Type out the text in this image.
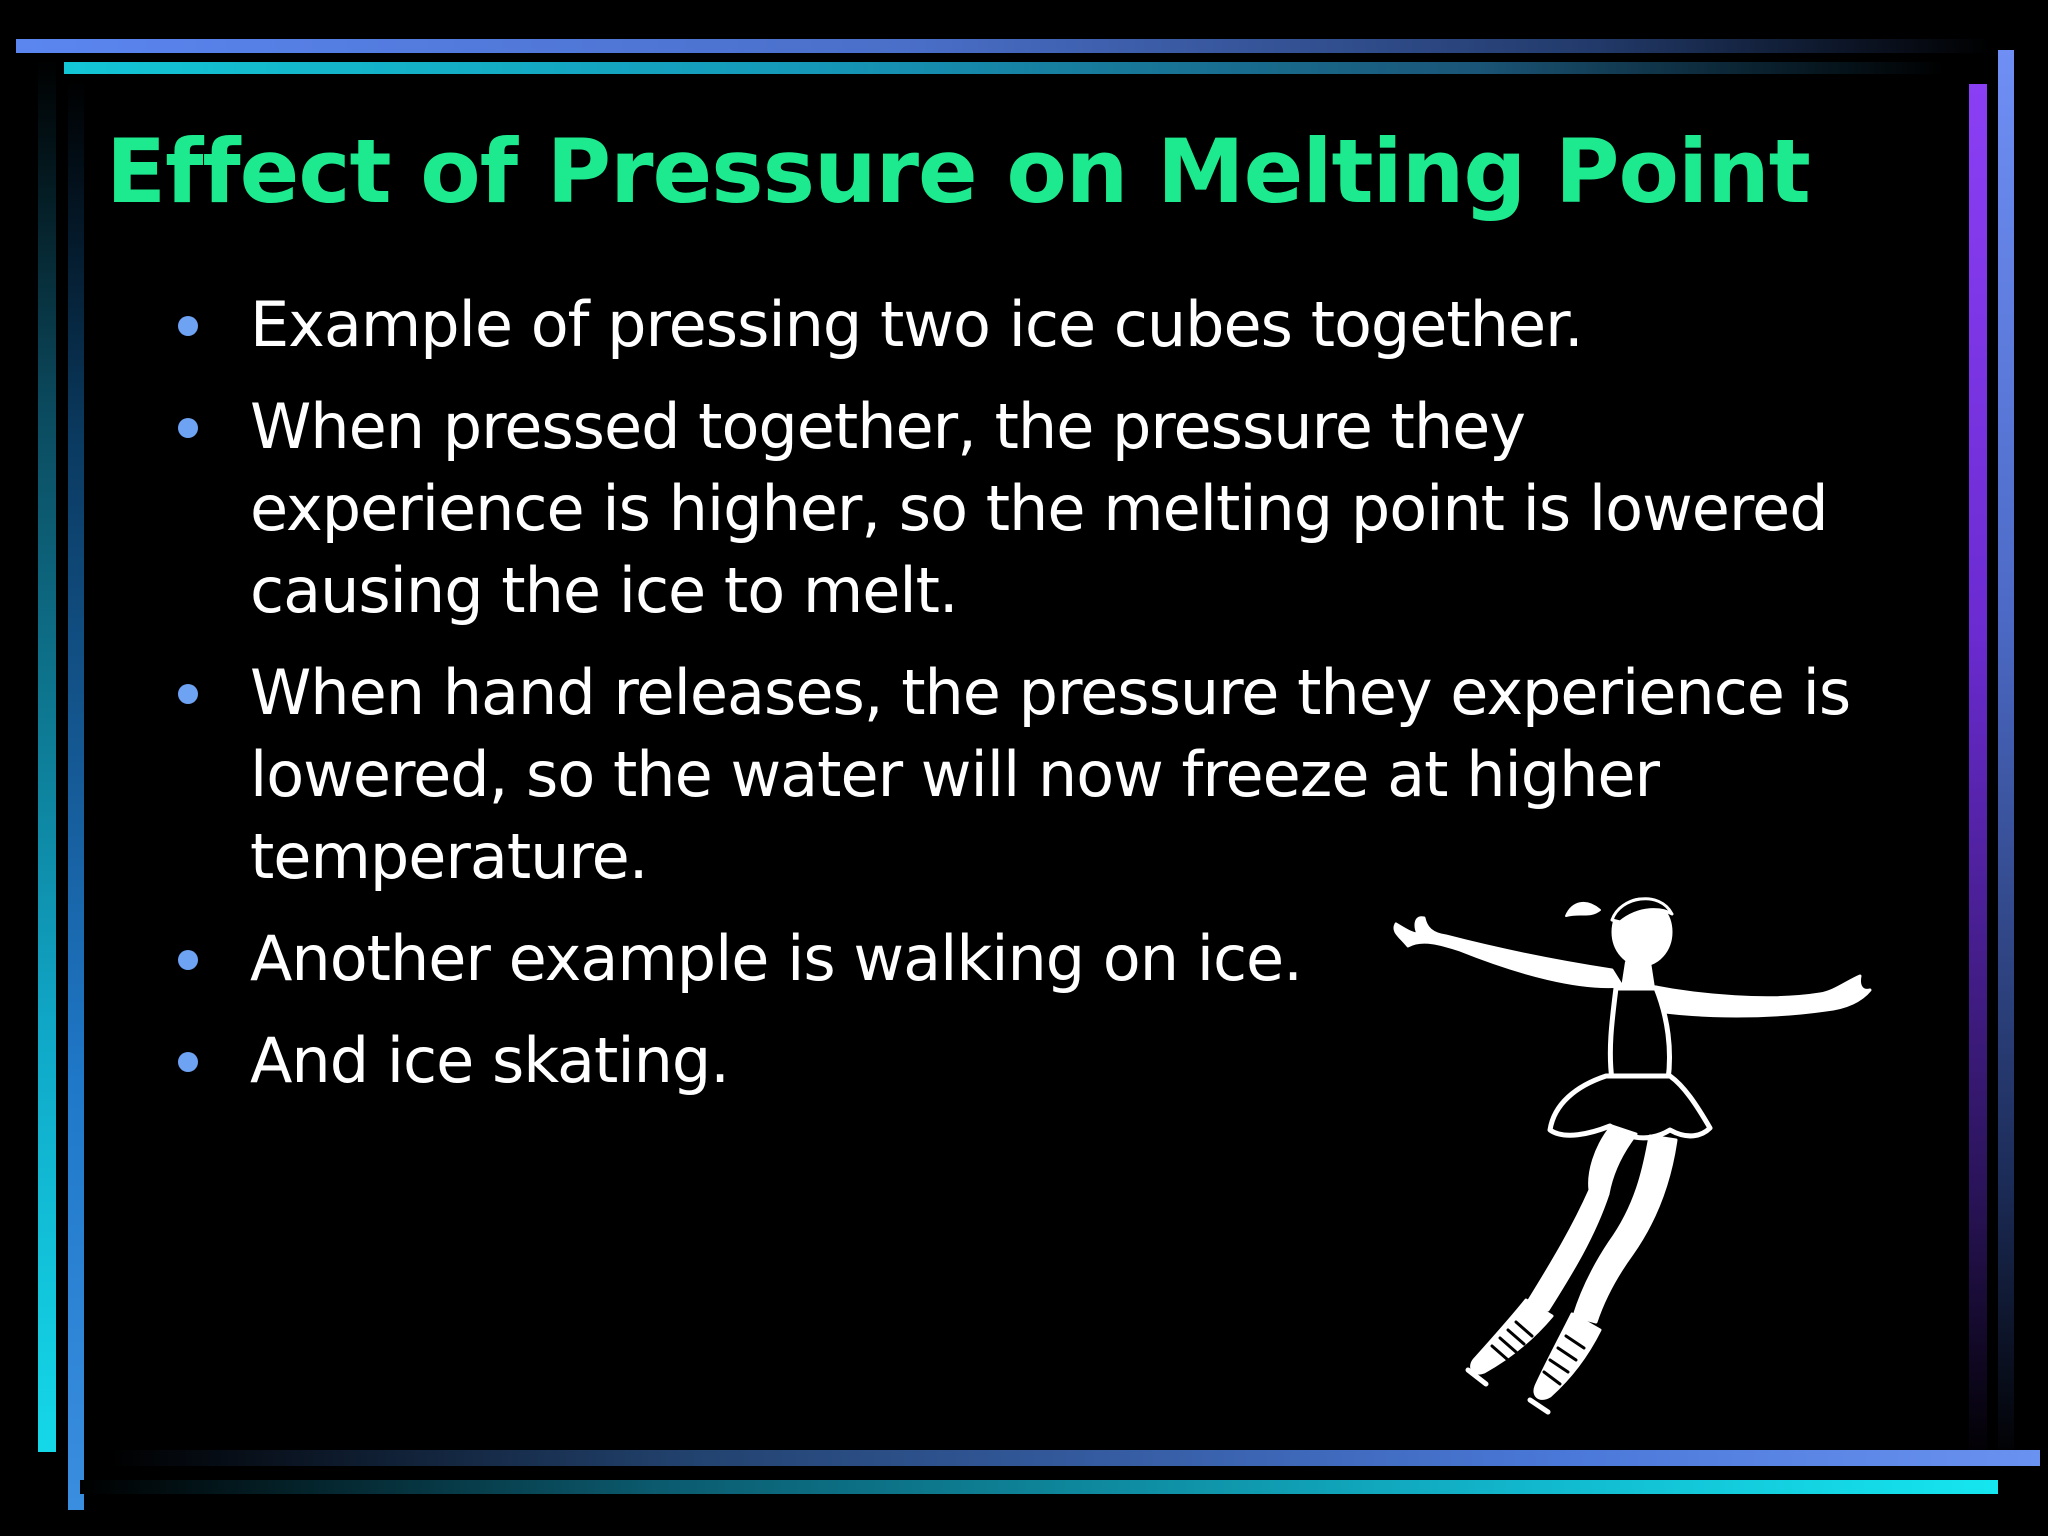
Effect of Pressure on Melting Point
Example of pressing two ice cubes together.
When pressed together, the pressure they experience is higher, so the melting point is lowered causing the ice to melt.
When hand releases, the pressure they experience is lowered, so the water will now freeze at higher temperature.
Another example is walking on ice.
And ice skating.
